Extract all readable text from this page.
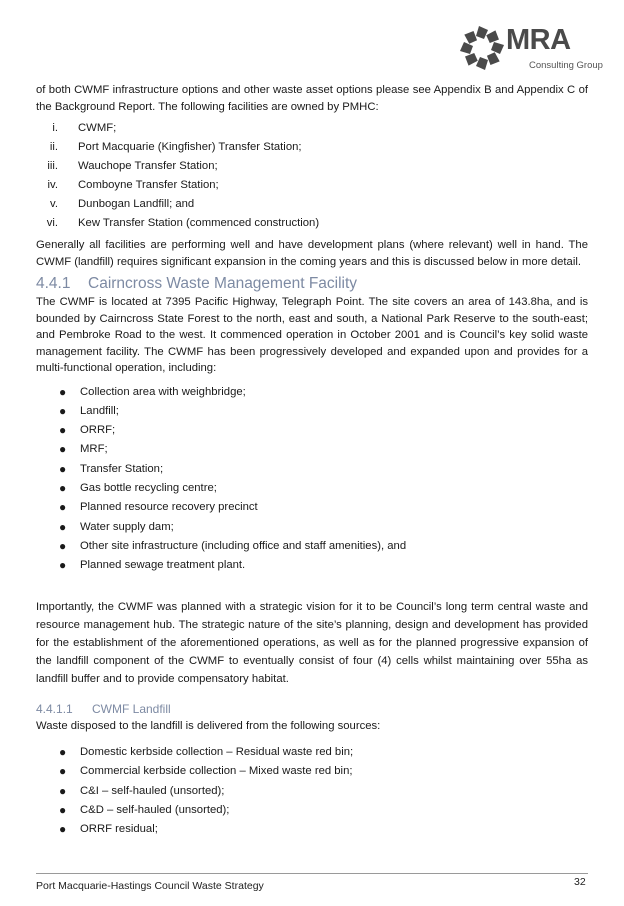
MRA
Consulting Group

of both CWMF infrastructure options and other waste asset options please see Appendix B and Appendix C of the Background Report. The following facilities are owned by PMHC:

i. CWMF;
ii. Port Macquarie (Kingfisher) Transfer Station;
iii. Wauchope Transfer Station;
iv. Comboyne Transfer Station;
v. Dunbogan Landfill; and
vi. Kew Transfer Station (commenced construction)

Generally all facilities are performing well and have development plans (where relevant) well in hand. The CWMF (landfill) requires significant expansion in the coming years and this is discussed below in more detail.

4.4.1 Cairncross Waste Management Facility

The CWMF is located at 7395 Pacific Highway, Telegraph Point. The site covers an area of 143.8ha, and is bounded by Cairncross State Forest to the north, east and south, a National Park Reserve to the south-east; and Pembroke Road to the west. It commenced operation in October 2001 and is Council’s key solid waste management facility. The CWMF has been progressively developed and expanded upon and provides for a multi-functional operation, including:

● Collection area with weighbridge;
● Landfill;
● ORRF;
● MRF;
● Transfer Station;
● Gas bottle recycling centre;
● Planned resource recovery precinct
● Water supply dam;
● Other site infrastructure (including office and staff amenities), and
● Planned sewage treatment plant.

Importantly, the CWMF was planned with a strategic vision for it to be Council’s long term central waste and resource management hub. The strategic nature of the site’s planning, design and development has provided for the establishment of the aforementioned operations, as well as for the planned progressive expansion of the landfill component of the CWMF to eventually consist of four (4) cells whilst maintaining over 55ha as landfill buffer and to provide compensatory habitat.

4.4.1.1 CWMF Landfill

Waste disposed to the landfill is delivered from the following sources:

● Domestic kerbside collection – Residual waste red bin;
● Commercial kerbside collection – Mixed waste red bin;
● C&I – self-hauled (unsorted);
● C&D – self-hauled (unsorted);
● ORRF residual;
Port Macquarie-Hastings Council Waste Strategy	32
